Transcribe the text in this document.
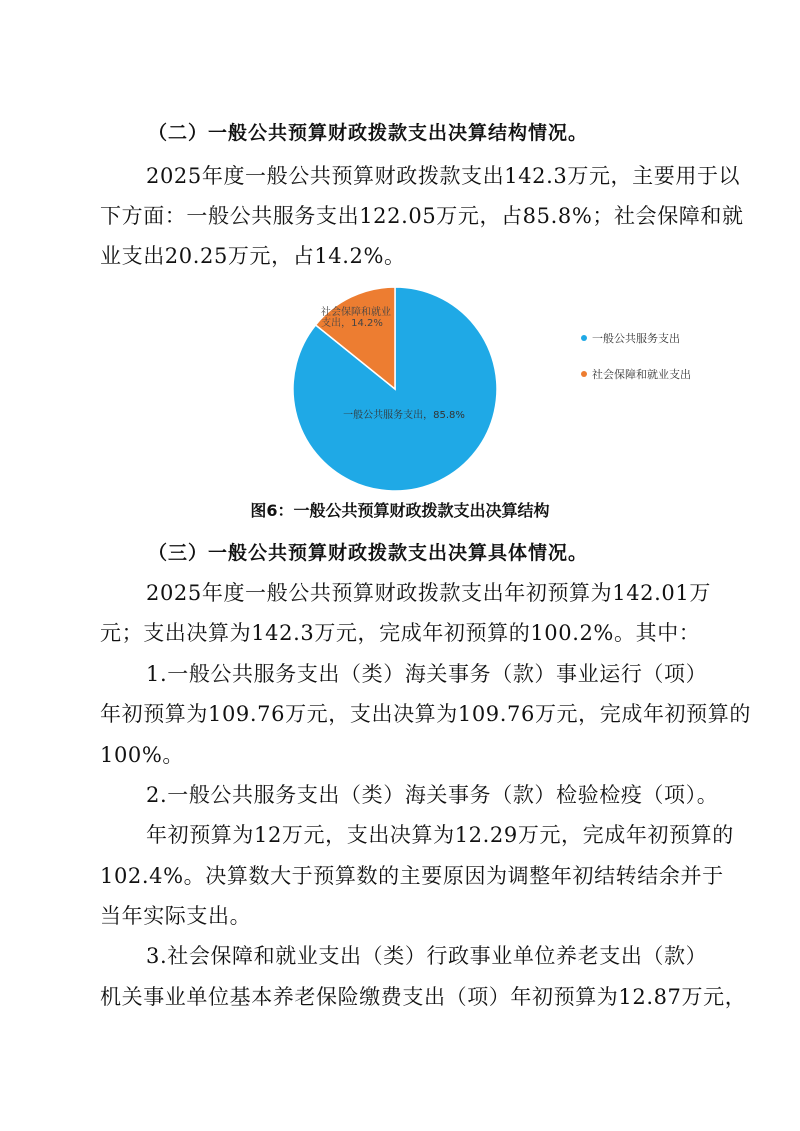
（二）一般公共预算财政拨款支出决算结构情况。
2025年度一般公共预算财政拨款支出142.3万元，主要用于以
下方面：一般公共服务支出122.05万元，占85.8%；社会保障和就
业支出20.25万元，占14.2%。
社会保障和就业
支出，14.2%
一般公共服务支出，85.8%
一般公共服务支出
社会保障和就业支出
图6：一般公共预算财政拨款支出决算结构
（三）一般公共预算财政拨款支出决算具体情况。
2025年度一般公共预算财政拨款支出年初预算为142.01万
元；支出决算为142.3万元，完成年初预算的100.2%。其中：
1.一般公共服务支出（类）海关事务（款）事业运行（项）
年初预算为109.76万元，支出决算为109.76万元，完成年初预算的
100%。
2.一般公共服务支出（类）海关事务（款）检验检疫（项）。
年初预算为12万元，支出决算为12.29万元，完成年初预算的
102.4%。决算数大于预算数的主要原因为调整年初结转结余并于
当年实际支出。
3.社会保障和就业支出（类）行政事业单位养老支出（款）
机关事业单位基本养老保险缴费支出（项）年初预算为12.87万元，
